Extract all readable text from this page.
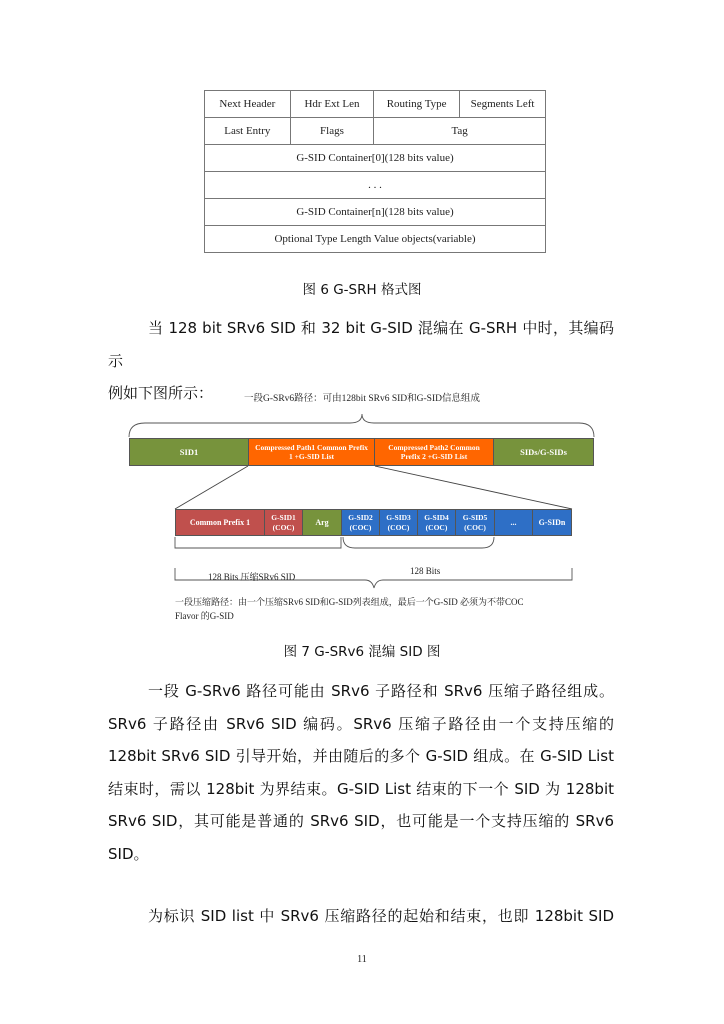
Next Header	Hdr Ext Len	Routing Type	Segments Left
Last Entry	Flags	Tag	
G-SID Container[0](128 bits value)			
. . .			
G-SID Container[n](128 bits value)			
Optional Type Length Value objects(variable)			
图 6 G-SRH 格式图
当 128 bit SRv6 SID 和 32 bit G-SID 混编在 G-SRH 中时，其编码示
例如下图所示：	一段G-SRv6路径：可由128bit SRv6 SID和G-SID信息组成
SID1	Compressed Path1 Common Prefix 1 +G-SID List
Compressed Path2 Common Prefix 2 +G-SID List	SIDs/G-SIDs
Common Prefix 1
G-SID1 (COC)	Arg
G-SID2 (COC)
G-SID3 (COC)
G-SID4 (COC)
G-SID5 (COC)	...	G-SIDn
128 Bits 压缩SRv6 SID
128 Bits
一段压缩路径：由一个压缩SRv6 SID和G-SID列表组成，最后一个G-SID 必须为不带COC
Flavor 的G-SID
图 7 G-SRv6 混编 SID 图
一段 G-SRv6 路径可能由 SRv6 子路径和 SRv6 压缩子路径组成。
SRv6 子路径由 SRv6 SID 编码。SRv6 压缩子路径由一个支持压缩的
128bit SRv6 SID 引导开始，并由随后的多个 G-SID 组成。在 G-SID List
结束时，需以 128bit 为界结束。G-SID List 结束的下一个 SID 为 128bit
SRv6 SID，其可能是普通的 SRv6 SID，也可能是一个支持压缩的 SRv6
SID。
为标识 SID list 中 SRv6 压缩路径的起始和结束，也即 128bit SID
11
